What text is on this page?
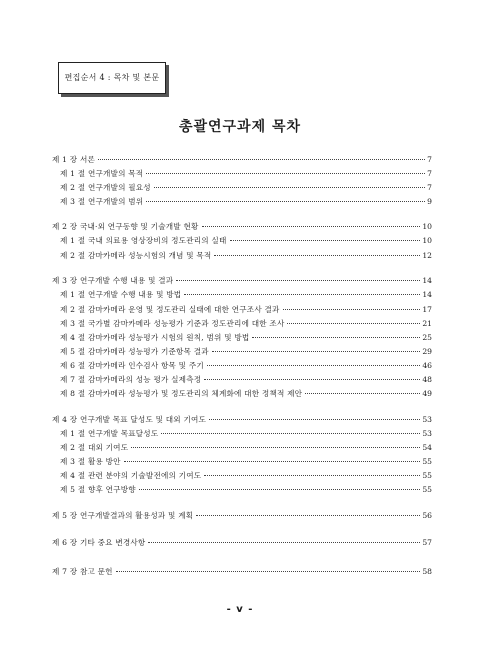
편집순서 4 : 목차 및 본문
총괄연구과제 목차
제 1 장 서론	7
제 1 절 연구개발의 목적	7
제 2 절 연구개발의 필요성	7
제 3 절 연구개발의 범위	9
제 2 장 국내·외 연구동향 및 기술개발 현황	10
제 1 절 국내 의료용 영상장비의 정도관리의 실태	10
제 2 절 감마카메라 성능시험의 개념 및 목적	12
제 3 장 연구개발 수행 내용 및 결과	14
제 1 절 연구개발 수행 내용 및 방법	14
제 2 절 감마카메라 운영 및 정도관리 실태에 대한 연구조사 결과	17
제 3 절 국가별 감마카메라 성능평가 기준과 정도관리에 대한 조사	21
제 4 절 감마카메라 성능평가 시험의 원칙, 범위 및 방법	25
제 5 절 감마카메라 성능평가 기준항목 결과	29
제 6 절 감마카메라 인수검사 항목 및 주기	46
제 7 절 감마카메라의 성능 평가 실제측정	48
제 8 절 감마카메라 성능평가 및 정도관리의 체계화에 대한 정책적 제안	49
제 4 장 연구개발 목표 달성도 및 대외 기여도	53
제 1 절 연구개발 목표달성도	53
제 2 절 대외 기여도	54
제 3 절 활용 방안	55
제 4 절 관련 분야의 기술발전에의 기여도	55
제 5 절 향후 연구방향	55
제 5 장 연구개발결과의 활용성과 및 계획	56
제 6 장 기타 중요 변경사항	57
제 7 장 참고 문헌	58
- v -
